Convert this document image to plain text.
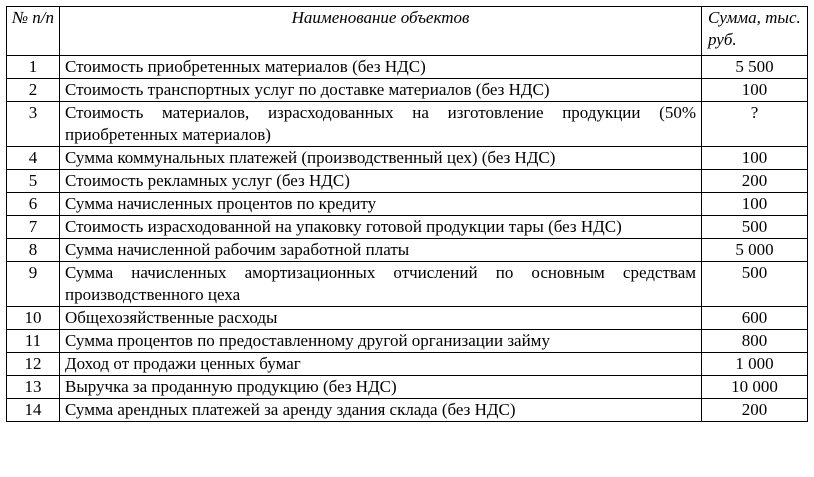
№ п/п	Наименование объектов	Сумма, тыс. руб.
1	Стоимость приобретенных материалов (без НДС)	5 500
2	Стоимость транспортных услуг по доставке материалов (без НДС)	100
3	Стоимость материалов, израсходованных на изготовление продукции (50% приобретенных материалов)	?
4	Сумма коммунальных платежей (производственный цех) (без НДС)	100
5	Стоимость рекламных услуг (без НДС)	200
6	Сумма начисленных процентов по кредиту	100
7	Стоимость израсходованной на упаковку готовой продукции тары (без НДС)	500
8	Сумма начисленной рабочим заработной платы	5 000
9	Сумма начисленных амортизационных отчислений по основным средствам производственного цеха	500
10	Общехозяйственные расходы	600
11	Сумма процентов по предоставленному другой организации займу	800
12	Доход от продажи ценных бумаг	1 000
13	Выручка за проданную продукцию (без НДС)	10 000
14	Сумма арендных платежей за аренду здания склада (без НДС)	200
